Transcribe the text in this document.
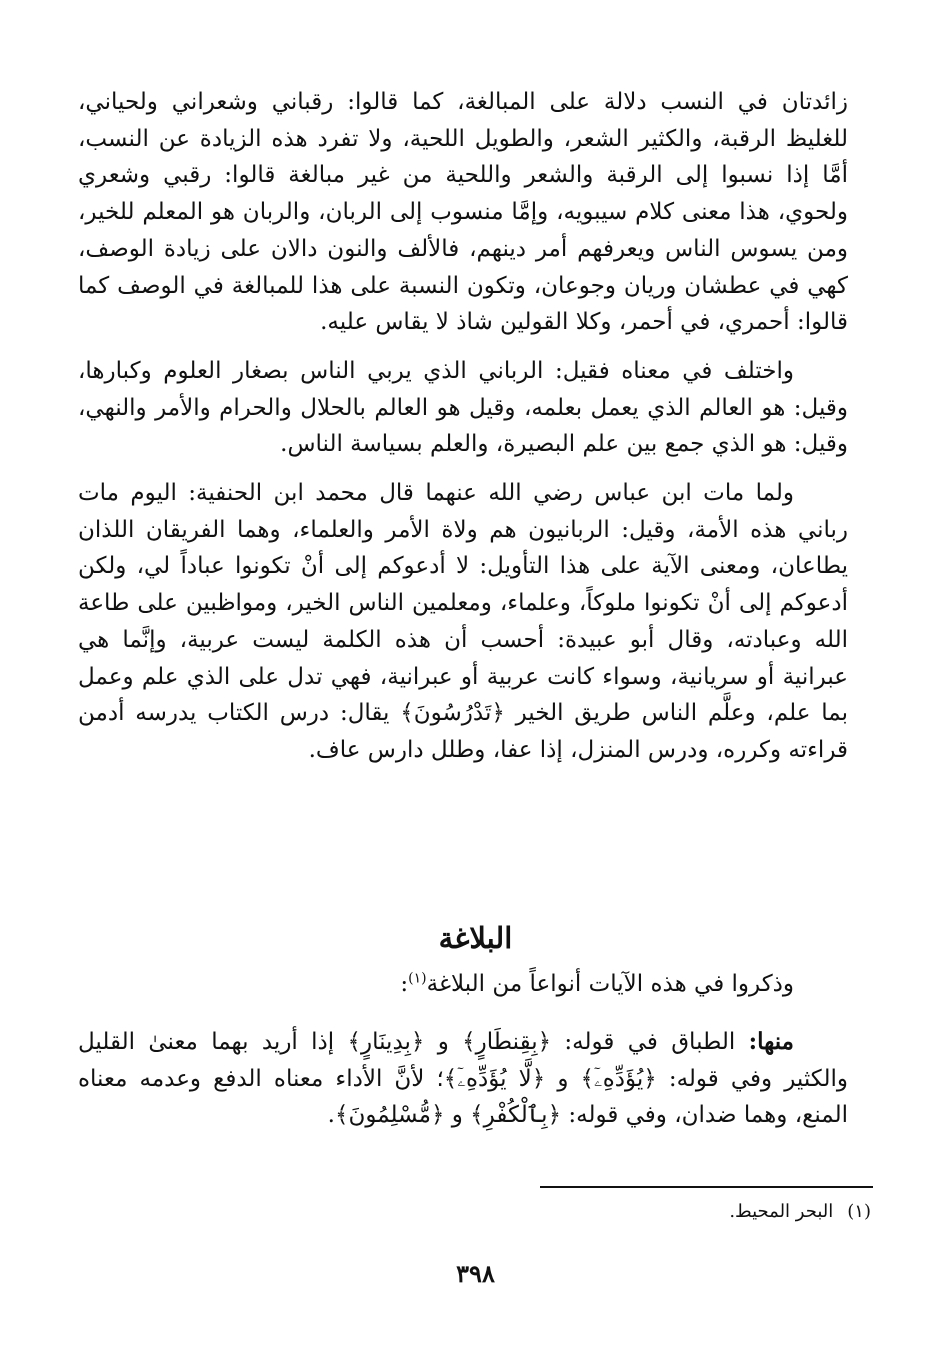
زائدتان في النسب دلالة على المبالغة، كما قالوا: رقباني وشعراني ولحياني، للغليظ الرقبة، والكثير الشعر، والطويل اللحية، ولا تفرد هذه الزيادة عن النسب، أمَّا إذا نسبوا إلى الرقبة والشعر واللحية من غير مبالغة قالوا: رقبي وشعري ولحوي، هذا معنى كلام سيبويه، وإمَّا منسوب إلى الربان، والربان هو المعلم للخير، ومن يسوس الناس ويعرفهم أمر دينهم، فالألف والنون دالان على زيادة الوصف، كهي في عطشان وريان وجوعان، وتكون النسبة على هذا للمبالغة في الوصف كما قالوا: أحمري، في أحمر، وكلا القولين شاذ لا يقاس عليه.

واختلف في معناه فقيل: الرباني الذي يربي الناس بصغار العلوم وكبارها، وقيل: هو العالم الذي يعمل بعلمه، وقيل هو العالم بالحلال والحرام والأمر والنهي، وقيل: هو الذي جمع بين علم البصيرة، والعلم بسياسة الناس.

ولما مات ابن عباس رضي الله عنهما قال محمد ابن الحنفية: اليوم مات رباني هذه الأمة، وقيل: الربانيون هم ولاة الأمر والعلماء، وهما الفريقان اللذان يطاعان، ومعنى الآية على هذا التأويل: لا أدعوكم إلى أنْ تكونوا عباداً لي، ولكن أدعوكم إلى أنْ تكونوا ملوكاً، وعلماء، ومعلمين الناس الخير، ومواظبين على طاعة الله وعبادته، وقال أبو عبيدة: أحسب أن هذه الكلمة ليست عربية، وإنَّما هي عبرانية أو سريانية، وسواء كانت عربية أو عبرانية، فهي تدل على الذي علم وعمل بما علم، وعلَّم الناس طريق الخير ﴿تَدْرُسُونَ﴾ يقال: درس الكتاب يدرسه أدمن قراءته وكرره، ودرس المنزل، إذا عفا، وطلل دارس عاف.

البلاغة

وذكروا في هذه الآيات أنواعاً من البلاغة$^{(١)}$:

منها: الطباق في قوله: ﴿بِقِنطَارٍ﴾ و ﴿بِدِينَارٍ﴾ إذا أريد بهما معنىٰ القليل والكثير وفي قوله: ﴿يُؤَدِّهِۦٓ﴾ و ﴿لَّا يُؤَدِّهِۦٓ﴾؛ لأنَّ الأداء معناه الدفع وعدمه معناه المنع، وهما ضدان، وفي قوله: ﴿بِٱلْكُفْرِ﴾ و ﴿مُّسْلِمُونَ﴾.

(١)البحر المحيط.
٣٩٨
